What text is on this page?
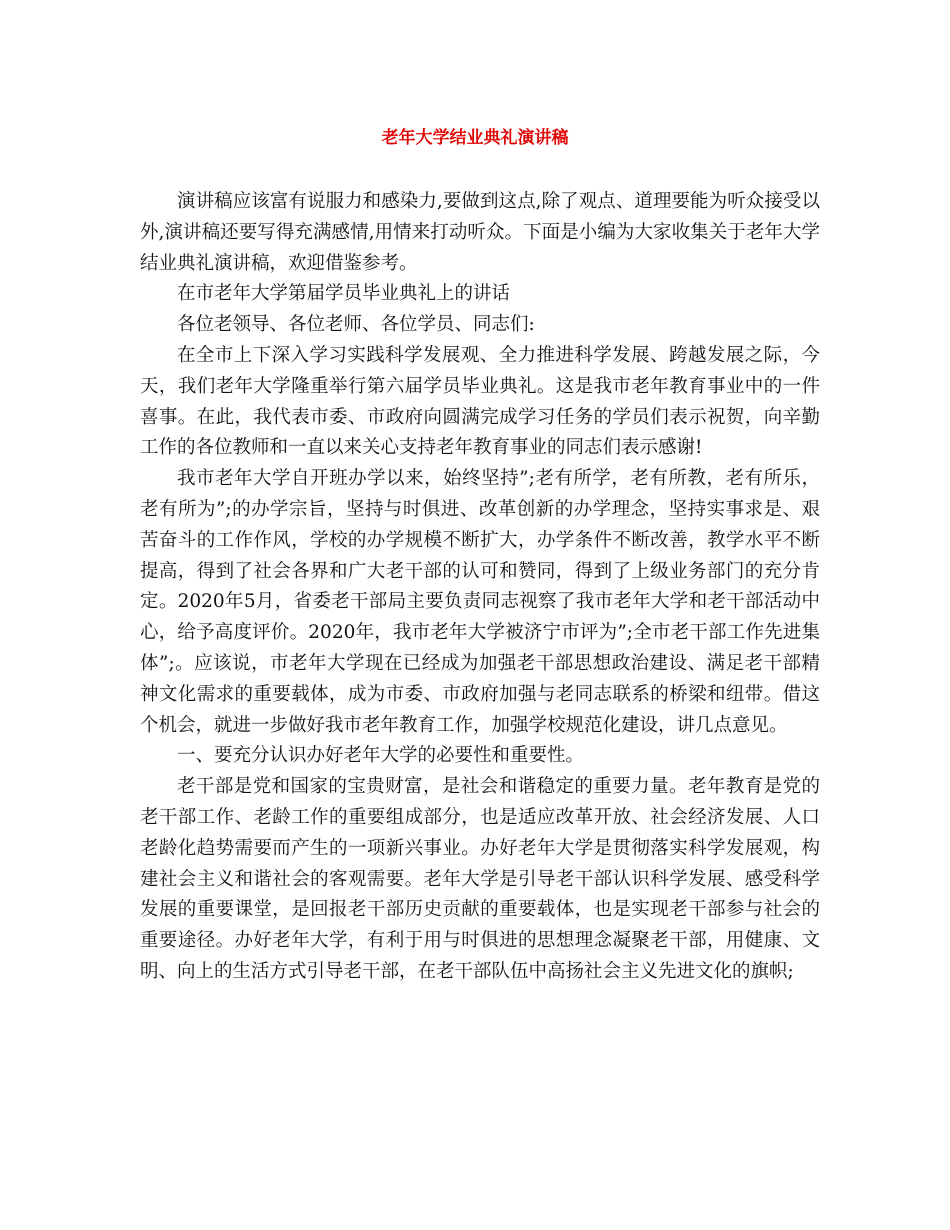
老年大学结业典礼演讲稿

演讲稿应该富有说服力和感染力,要做到这点,除了观点、道理要能为听众接受以外,演讲稿还要写得充满感情,用情来打动听众。下面是小编为大家收集关于老年大学结业典礼演讲稿，欢迎借鉴参考。

在市老年大学第届学员毕业典礼上的讲话

各位老领导、各位老师、各位学员、同志们:

在全市上下深入学习实践科学发展观、全力推进科学发展、跨越发展之际，今天，我们老年大学隆重举行第六届学员毕业典礼。这是我市老年教育事业中的一件喜事。在此，我代表市委、市政府向圆满完成学习任务的学员们表示祝贺，向辛勤工作的各位教师和一直以来关心支持老年教育事业的同志们表示感谢!

我市老年大学自开班办学以来，始终坚持”;老有所学，老有所教，老有所乐，老有所为”;的办学宗旨，坚持与时俱进、改革创新的办学理念，坚持实事求是、艰苦奋斗的工作作风，学校的办学规模不断扩大，办学条件不断改善，教学水平不断提高，得到了社会各界和广大老干部的认可和赞同，得到了上级业务部门的充分肯定。2020年5月，省委老干部局主要负责同志视察了我市老年大学和老干部活动中心，给予高度评价。2020年，我市老年大学被济宁市评为”;全市老干部工作先进集体”;。应该说，市老年大学现在已经成为加强老干部思想政治建设、满足老干部精神文化需求的重要载体，成为市委、市政府加强与老同志联系的桥梁和纽带。借这个机会，就进一步做好我市老年教育工作，加强学校规范化建设，讲几点意见。

一、要充分认识办好老年大学的必要性和重要性。

老干部是党和国家的宝贵财富，是社会和谐稳定的重要力量。老年教育是党的老干部工作、老龄工作的重要组成部分，也是适应改革开放、社会经济发展、人口老龄化趋势需要而产生的一项新兴事业。办好老年大学是贯彻落实科学发展观，构建社会主义和谐社会的客观需要。老年大学是引导老干部认识科学发展、感受科学发展的重要课堂，是回报老干部历史贡献的重要载体，也是实现老干部参与社会的重要途径。办好老年大学，有利于用与时俱进的思想理念凝聚老干部，用健康、文明、向上的生活方式引导老干部，在老干部队伍中高扬社会主义先进文化的旗帜;
